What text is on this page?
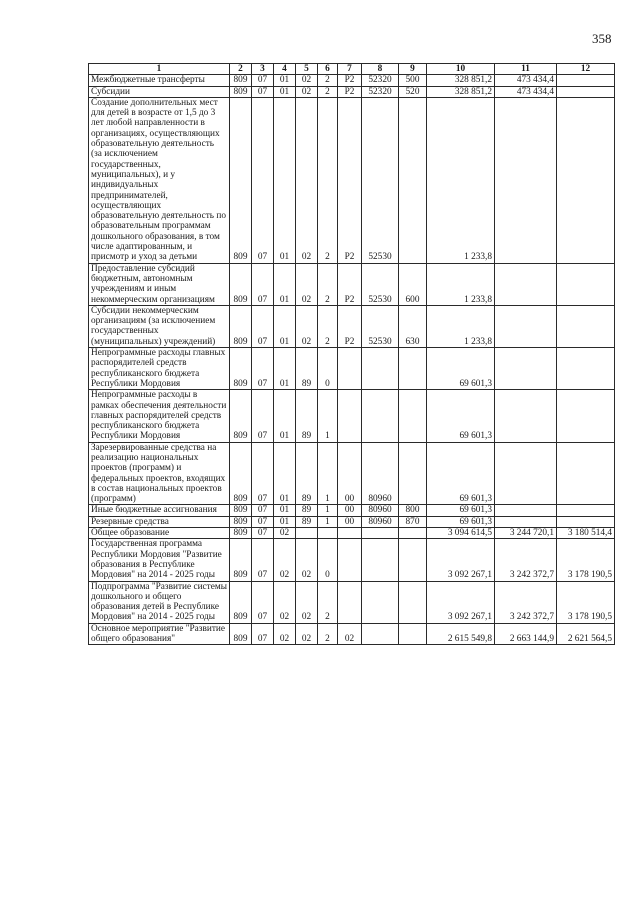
358
1	2	3	4	5	6	7	8	9	10	11	12
Межбюджетные трансферты	809	07	01	02	2	Р2	52320	500	328 851,2	473 434,4	
Субсидии	809	07	01	02	2	Р2	52320	520	328 851,2	473 434,4	
Создание дополнительных мест для детей в возрасте от 1,5 до 3 лет любой направленности в организациях, осуществляющих образовательную деятельность (за исключением государственных, муниципальных), и у индивидуальных предпринимателей, осуществляющих образовательную деятельность по образовательным программам дошкольного образования, в том числе адаптированным, и присмотр и уход за детьми	809	07	01	02	2	Р2	52530		1 233,8		
Предоставление субсидий бюджетным, автономным учреждениям и иным некоммерческим организациям	809	07	01	02	2	Р2	52530	600	1 233,8		
Субсидии некоммерческим организациям (за исключением государственных (муниципальных) учреждений)	809	07	01	02	2	Р2	52530	630	1 233,8		
Непрограммные расходы главных распорядителей средств республиканского бюджета Республики Мордовия	809	07	01	89	0				69 601,3		
Непрограммные расходы в рамках обеспечения деятельности главных распорядителей средств республиканского бюджета Республики Мордовия	809	07	01	89	1				69 601,3		
Зарезервированные средства на реализацию национальных проектов (программ) и федеральных проектов, входящих в состав национальных проектов (программ)	809	07	01	89	1	00	80960		69 601,3		
Иные бюджетные ассигнования	809	07	01	89	1	00	80960	800	69 601,3		
Резервные средства	809	07	01	89	1	00	80960	870	69 601,3		
Общее образование	809	07	02						3 094 614,5	3 244 720,1	3 180 514,4
Государственная программа Республики Мордовия "Развитие образования в Республике Мордовия" на 2014 - 2025 годы	809	07	02	02	0				3 092 267,1	3 242 372,7	3 178 190,5
Подпрограмма "Развитие системы дошкольного и общего образования детей в Республике Мордовия" на 2014 - 2025 годы	809	07	02	02	2				3 092 267,1	3 242 372,7	3 178 190,5
Основное мероприятие "Развитие общего образования"	809	07	02	02	2	02			2 615 549,8	2 663 144,9	2 621 564,5
